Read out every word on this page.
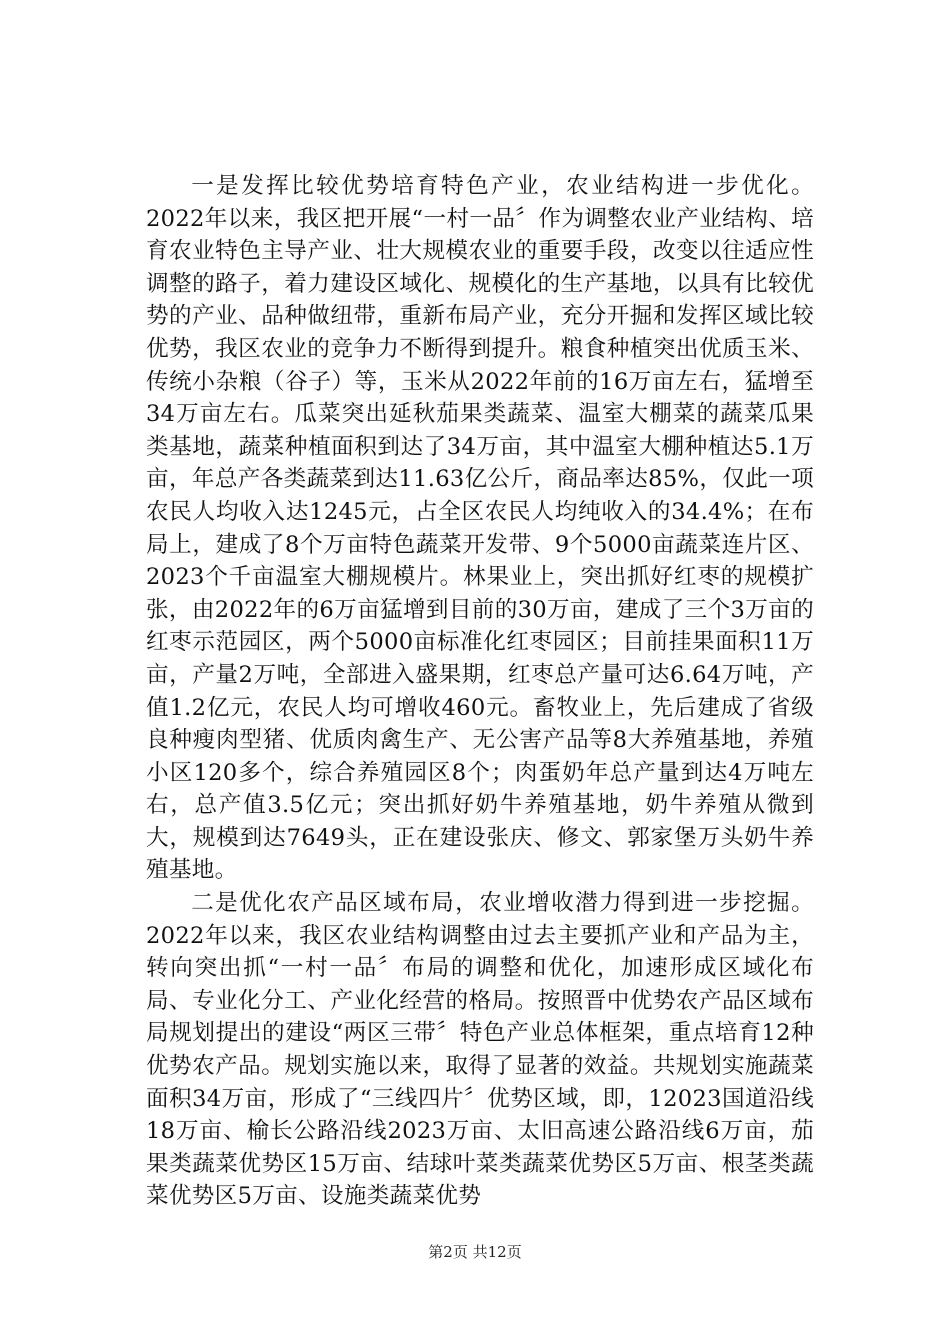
一是发挥比较优势培育特色产业，农业结构进一步优化。2022年以来，我区把开展“一村一品〞作为调整农业产业结构、培育农业特色主导产业、壮大规模农业的重要手段，改变以往适应性调整的路子，着力建设区域化、规模化的生产基地，以具有比较优势的产业、品种做纽带，重新布局产业，充分开掘和发挥区域比较优势，我区农业的竞争力不断得到提升。粮食种植突出优质玉米、传统小杂粮（谷子）等，玉米从2022年前的16万亩左右，猛增至34万亩左右。瓜菜突出延秋茄果类蔬菜、温室大棚菜的蔬菜瓜果类基地，蔬菜种植面积到达了34万亩，其中温室大棚种植达5.1万亩，年总产各类蔬菜到达11.63亿公斤，商品率达85%，仅此一项农民人均收入达1245元，占全区农民人均纯收入的34.4%；在布局上，建成了8个万亩特色蔬菜开发带、9个5000亩蔬菜连片区、2023个千亩温室大棚规模片。林果业上，突出抓好红枣的规模扩张，由2022年的6万亩猛增到目前的30万亩，建成了三个3万亩的红枣示范园区，两个5000亩标准化红枣园区；目前挂果面积11万亩，产量2万吨，全部进入盛果期，红枣总产量可达6.64万吨，产值1.2亿元，农民人均可增收460元。畜牧业上，先后建成了省级良种瘦肉型猪、优质肉禽生产、无公害产品等8大养殖基地，养殖小区120多个，综合养殖园区8个；肉蛋奶年总产量到达4万吨左右，总产值3.5亿元；突出抓好奶牛养殖基地，奶牛养殖从微到大，规模到达7649头，正在建设张庆、修文、郭家堡万头奶牛养殖基地。

二是优化农产品区域布局，农业增收潜力得到进一步挖掘。2022年以来，我区农业结构调整由过去主要抓产业和产品为主，转向突出抓“一村一品〞布局的调整和优化，加速形成区域化布局、专业化分工、产业化经营的格局。按照晋中优势农产品区域布局规划提出的建设“两区三带〞特色产业总体框架，重点培育12种优势农产品。规划实施以来，取得了显著的效益。共规划实施蔬菜面积34万亩，形成了“三线四片〞优势区域，即，12023国道沿线18万亩、榆长公路沿线2023万亩、太旧高速公路沿线6万亩，茄果类蔬菜优势区15万亩、结球叶菜类蔬菜优势区5万亩、根茎类蔬菜优势区5万亩、设施类蔬菜优势

第2页 共12页
